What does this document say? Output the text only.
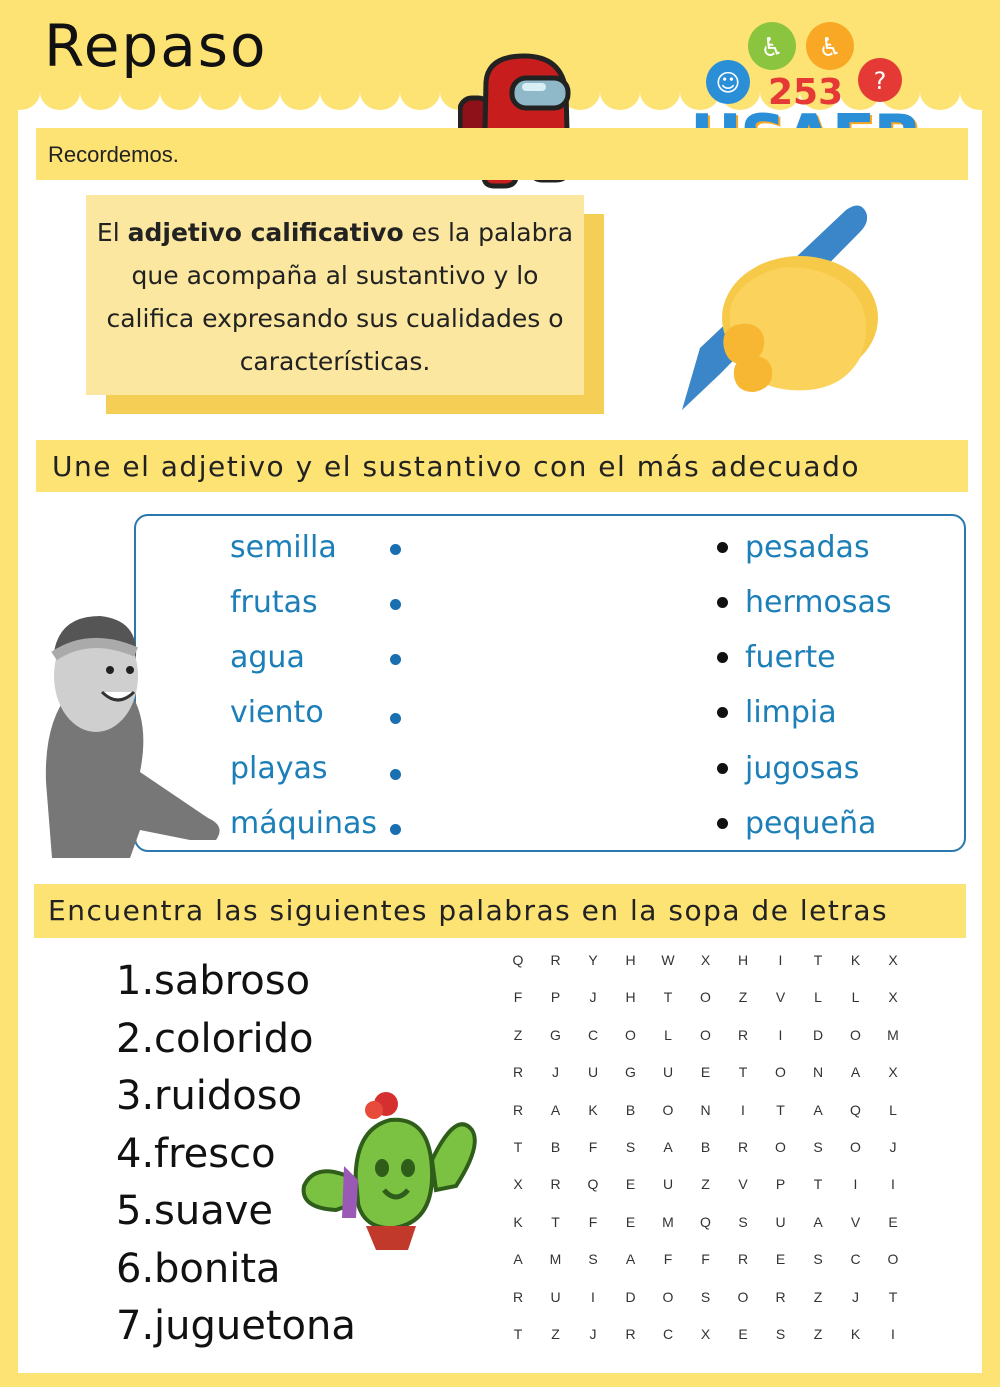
Repaso	♿ ♿
☺	?
253
Recordemos.
El adjetivo calificativo es la palabra que acompaña al sustantivo y lo califica expresando sus cualidades o características.
Une el adjetivo y el sustantivo con el más adecuado
semilla
frutas
agua
viento
playas
máquinas
pesadas
hermosas
fuerte
limpia
jugosas
pequeña
Encuentra las siguientes palabras en la sopa de letras
1.sabroso
2.colorido
3.ruidoso
4.fresco
5.suave
6.bonita
7.juguetona
Q	R	Y	H	W	X	H	I	T	K	X
F	P	J	H	T	O	Z	V	L	L	X
Z	G	C	O	L	O	R	I	D	O	M
R	J	U	G	U	E	T	O	N	A	X
R	A	K	B	O	N	I	T	A	Q	L
T	B	F	S	A	B	R	O	S	O	J
X	R	Q	E	U	Z	V	P	T	I	I
K	T	F	E	M	Q	S	U	A	V	E
A	M	S	A	F	F	R	E	S	C	O
R	U	I	D	O	S	O	R	Z	J	T
T	Z	J	R	C	X	E	S	Z	K	I
